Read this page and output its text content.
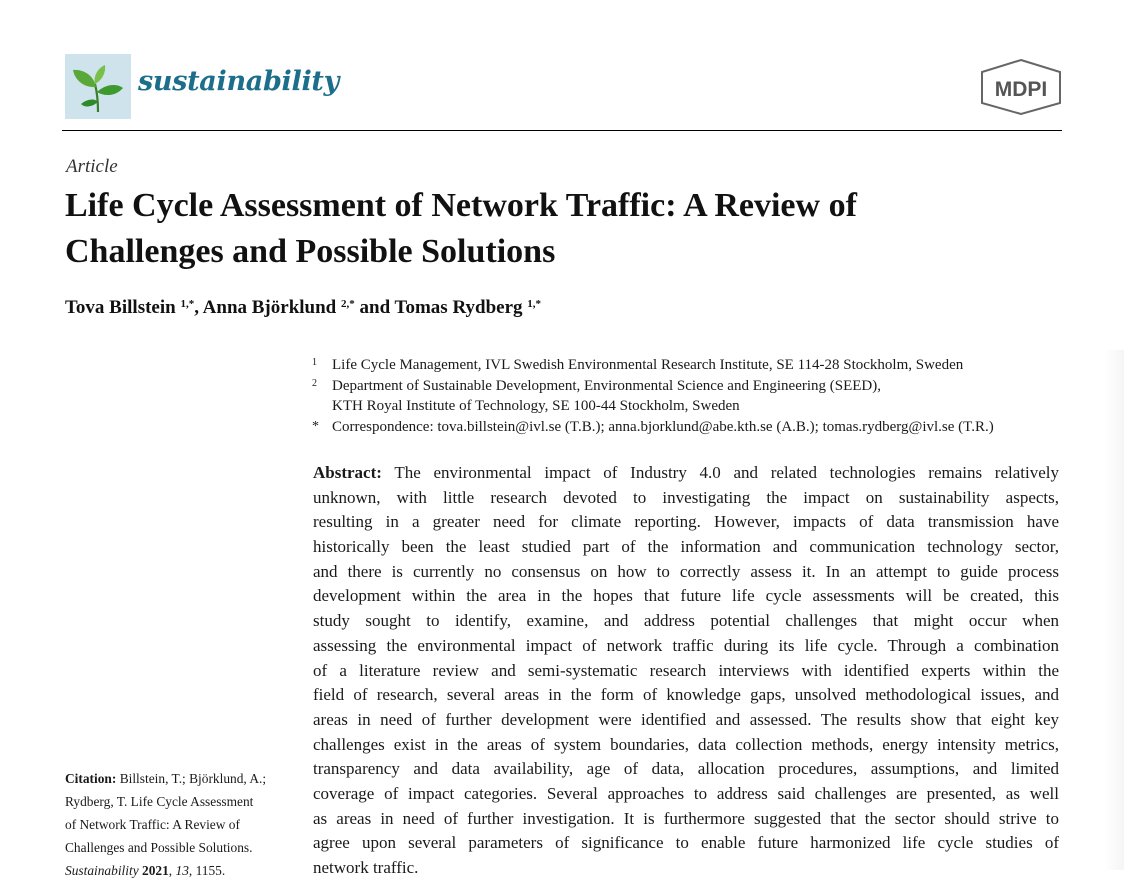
sustainability	MDPI
Article
Life Cycle Assessment of Network Traffic: A Review of
Challenges and Possible Solutions
Tova Billstein $^{1,*}$, Anna Björklund $^{2,*}$ and Tomas Rydberg $^{1,*}$
1 Life Cycle Management, IVL Swedish Environmental Research Institute, SE 114-28 Stockholm, Sweden
2 Department of Sustainable Development, Environmental Science and Engineering (SEED),
KTH Royal Institute of Technology, SE 100-44 Stockholm, Sweden
* Correspondence: tova.billstein@ivl.se (T.B.); anna.bjorklund@abe.kth.se (A.B.); tomas.rydberg@ivl.se (T.R.)
Abstract: The environmental impact of Industry 4.0 and related technologies remains relatively
unknown, with little research devoted to investigating the impact on sustainability aspects,
resulting in a greater need for climate reporting. However, impacts of data transmission have
historically been the least studied part of the information and communication technology sector,
and there is currently no consensus on how to correctly assess it. In an attempt to guide process
development within the area in the hopes that future life cycle assessments will be created, this
study sought to identify, examine, and address potential challenges that might occur when
assessing the environmental impact of network traffic during its life cycle. Through a combination
of a literature review and semi-systematic research interviews with identified experts within the
field of research, several areas in the form of knowledge gaps, unsolved methodological issues, and
areas in need of further development were identified and assessed. The results show that eight key
challenges exist in the areas of system boundaries, data collection methods, energy intensity metrics,
transparency and data availability, age of data, allocation procedures, assumptions, and limited
coverage of impact categories. Several approaches to address said challenges are presented, as well
as areas in need of further investigation. It is furthermore suggested that the sector should strive to
agree upon several parameters of significance to enable future harmonized life cycle studies of
network traffic.
Citation: Billstein, T.; Björklund, A.;
Rydberg, T. Life Cycle Assessment
of Network Traffic: A Review of
Challenges and Possible Solutions.
Sustainability 2021, 13, 1155.
